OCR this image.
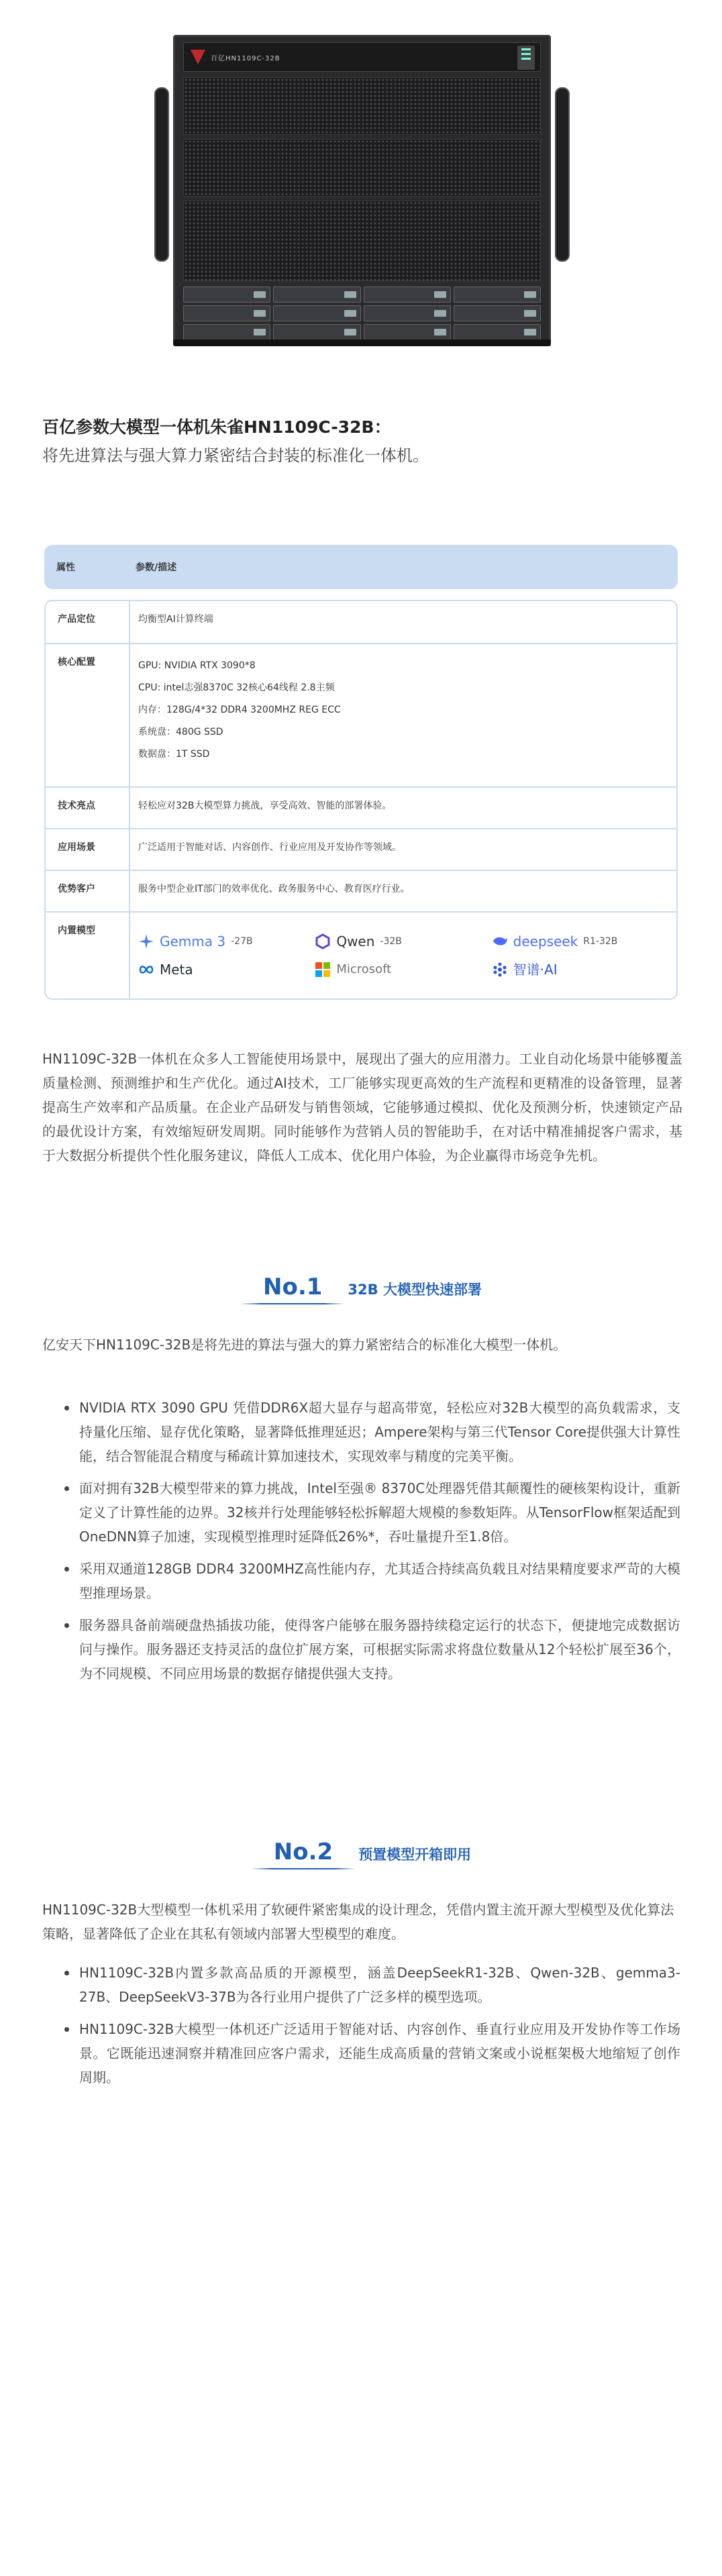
百亿HN1109C-32B
百亿参数大模型一体机朱雀HN1109C-32B：

将先进算法与强大算力紧密结合封装的标准化一体机。

属性	参数/描述
产品定位	均衡型AI计算终端
核心配置	GPU: NVIDIA RTX 3090*8
CPU: intel志强8370C 32核心64线程 2.8主频
内存：128G/4*32 DDR4 3200MHZ REG ECC
系统盘：480G SSD
数据盘：1T SSD
技术亮点	轻松应对32B大模型算力挑战，享受高效、智能的部署体验。
应用场景	广泛适用于智能对话、内容创作、行业应用及开发协作等领域。
优势客户	服务中型企业IT部门的效率优化、政务服务中心、教育医疗行业。
内置模型
Gemma 3 -27B	Qwen -32B	deepseek R1-32B
Meta	Microsoft	智谱·AI

HN1109C-32B一体机在众多人工智能使用场景中，展现出了强大的应用潜力。工业自动化场景中能够覆盖质量检测、预测维护和生产优化。通过AI技术，工厂能够实现更高效的生产流程和更精准的设备管理，显著提高生产效率和产品质量。在企业产品研发与销售领域，它能够通过模拟、优化及预测分析，快速锁定产品的最优设计方案，有效缩短研发周期。同时能够作为营销人员的智能助手，在对话中精准捕捉客户需求，基于大数据分析提供个性化服务建议，降低人工成本、优化用户体验，为企业赢得市场竞争先机。

No.1	32B 大模型快速部署

亿安天下HN1109C-32B是将先进的算法与强大的算力紧密结合的标准化大模型一体机。

NVIDIA RTX 3090 GPU 凭借DDR6X超大显存与超高带宽，轻松应对32B大模型的高负载需求，支持量化压缩、显存优化策略，显著降低推理延迟；Ampere架构与第三代Tensor Core提供强大计算性能，结合智能混合精度与稀疏计算加速技术，实现效率与精度的完美平衡。
面对拥有32B大模型带来的算力挑战，Intel至强® 8370C处理器凭借其颠覆性的硬核架构设计，重新定义了计算性能的边界。32核并行处理能够轻松拆解超大规模的参数矩阵。从TensorFlow框架适配到OneDNN算子加速，实现模型推理时延降低26%*，吞吐量提升至1.8倍。
采用双通道128GB DDR4 3200MHZ高性能内存，尤其适合持续高负载且对结果精度要求严苛的大模型推理场景。
服务器具备前端硬盘热插拔功能，使得客户能够在服务器持续稳定运行的状态下，便捷地完成数据访问与操作。服务器还支持灵活的盘位扩展方案，可根据实际需求将盘位数量从12个轻松扩展至36个，为不同规模、不同应用场景的数据存储提供强大支持。
No.2	预置模型开箱即用

HN1109C-32B大型模型一体机采用了软硬件紧密集成的设计理念，凭借内置主流开源大型模型及优化算法策略，显著降低了企业在其私有领域内部署大型模型的难度。

HN1109C-32B内置多款高品质的开源模型，涵盖DeepSeekR1-32B、Qwen-32B、gemma3-27B、DeepSeekV3-37B为各行业用户提供了广泛多样的模型选项。
HN1109C-32B大模型一体机还广泛适用于智能对话、内容创作、垂直行业应用及开发协作等工作场景。它既能迅速洞察并精准回应客户需求，还能生成高质量的营销文案或小说框架极大地缩短了创作周期。
